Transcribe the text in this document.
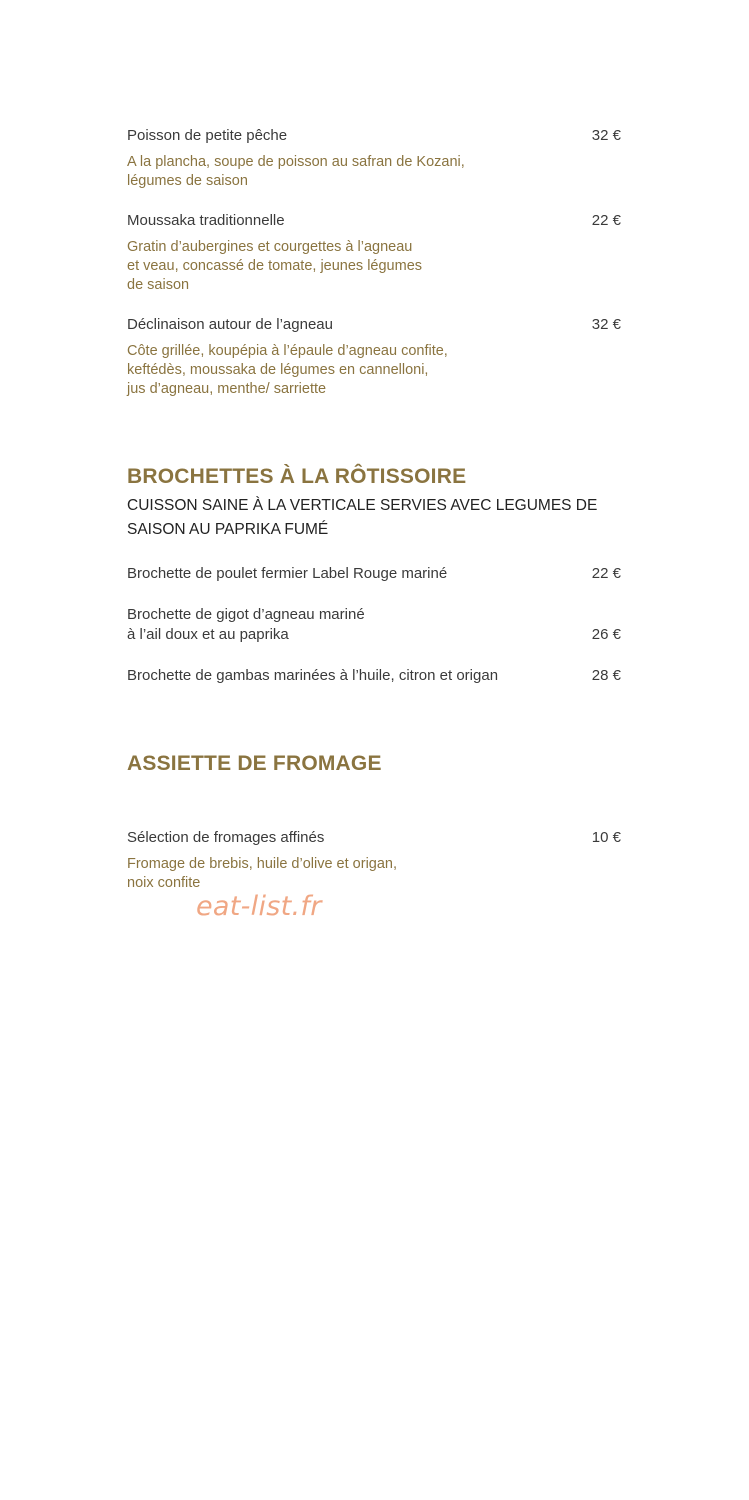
Poisson de petite pêche	32 €
A la plancha, soupe de poisson au safran de Kozani,
légumes de saison
Moussaka traditionnelle	22 €
Gratin d’aubergines et courgettes à l’agneau
et veau, concassé de tomate, jeunes légumes
de saison
Déclinaison autour de l’agneau	32 €
Côte grillée, koupépia à l’épaule d’agneau confite,
keftédès, moussaka de légumes en cannelloni,
jus d’agneau, menthe/ sarriette
BROCHETTES À LA RÔTISSOIRE
CUISSON SAINE À LA VERTICALE SERVIES AVEC LEGUMES DE
SAISON AU PAPRIKA FUMÉ
Brochette de poulet fermier Label Rouge mariné	22 €
Brochette de gigot d’agneau mariné
à l’ail doux et au paprika	26 €
Brochette de gambas marinées à l’huile, citron et origan	28 €
ASSIETTE DE FROMAGE
Sélection de fromages affinés	10 €
Fromage de brebis, huile d’olive et origan,
noix confite
eat-list.fr
